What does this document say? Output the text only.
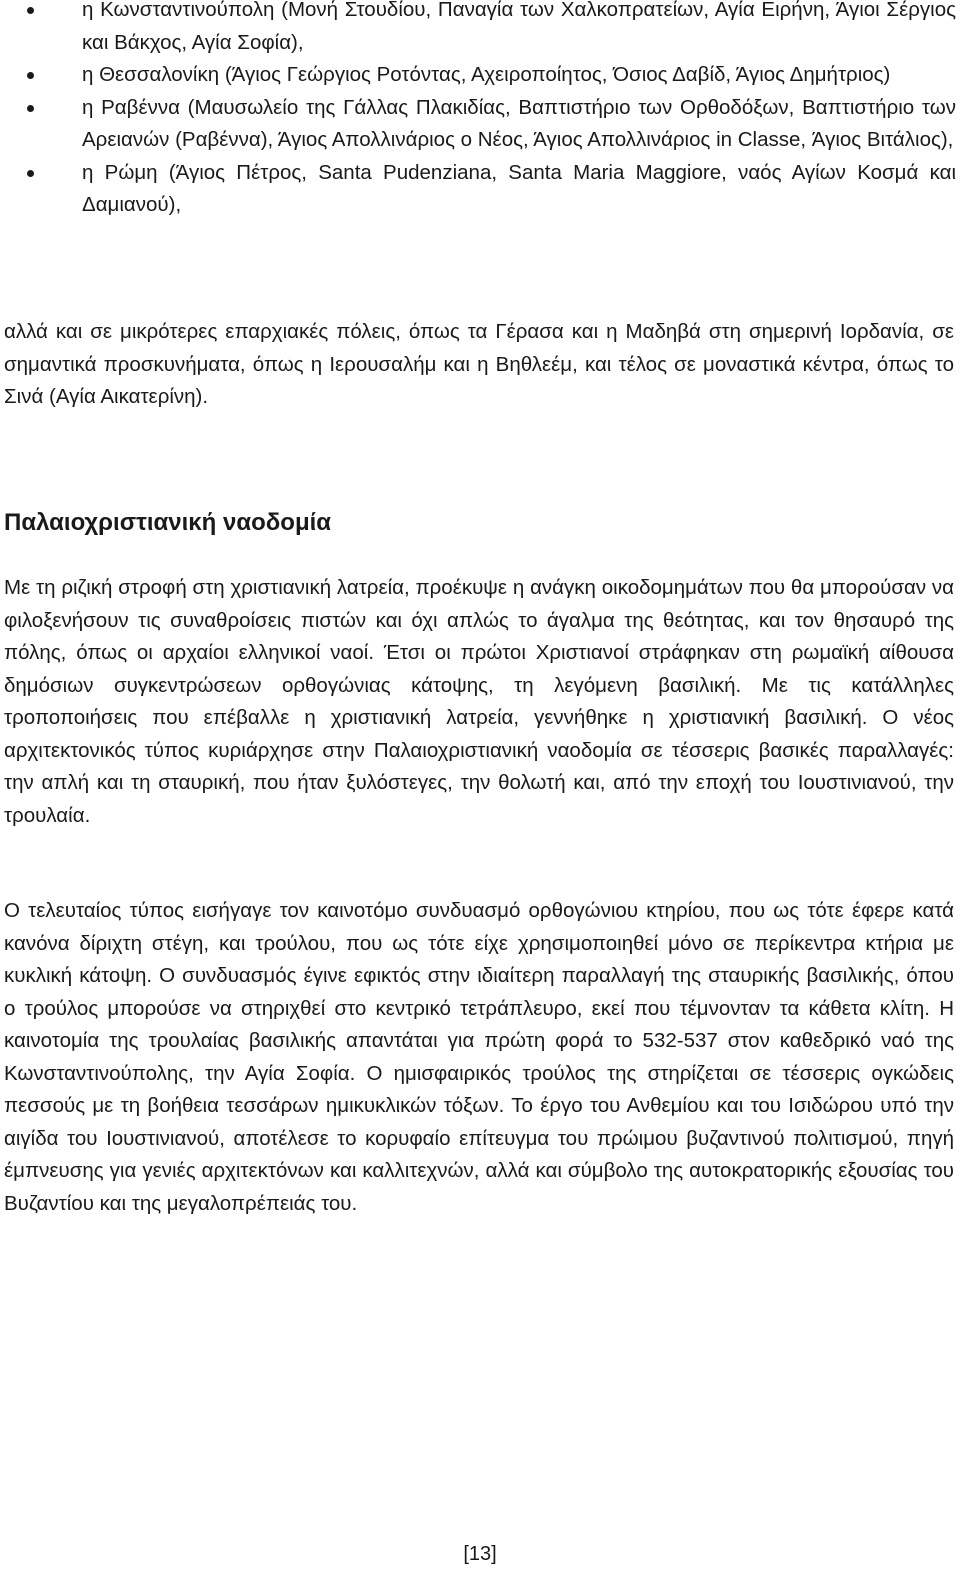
η Κωνσταντινούπολη (Μονή Στουδίου, Παναγία των Χαλκοπρατείων, Αγία Ειρήνη, Άγιοι Σέργιος και Βάκχος, Αγία Σοφία),
η Θεσσαλονίκη (Άγιος Γεώργιος Ροτόντας, Αχειροποίητος, Όσιος Δαβίδ, Άγιος Δημήτριος)
η Ραβέννα (Μαυσωλείο της Γάλλας Πλακιδίας, Βαπτιστήριο των Ορθοδόξων, Βαπτιστήριο των Αρειανών (Ραβέννα), Άγιος Απολλινάριος ο Νέος, Άγιος Απολλινάριος in Classe, Άγιος Βιτάλιος),
η Ρώμη (Άγιος Πέτρος, Santa Pudenziana, Santa Maria Maggiore, ναός Αγίων Κοσμά και Δαμιανού),

αλλά και σε μικρότερες επαρχιακές πόλεις, όπως τα Γέρασα και η Μαδηβά στη σημερινή Ιορδανία, σε σημαντικά προσκυνήματα, όπως η Ιερουσαλήμ και η Βηθλεέμ, και τέλος σε μοναστικά κέντρα, όπως το Σινά (Αγία Αικατερίνη).

Παλαιοχριστιανική ναοδομία

Με τη ριζική στροφή στη χριστιανική λατρεία, προέκυψε η ανάγκη οικοδομημάτων που θα μπορούσαν να φιλοξενήσουν τις συναθροίσεις πιστών και όχι απλώς το άγαλμα της θεότητας, και τον θησαυρό της πόλης, όπως οι αρχαίοι ελληνικοί ναοί. Έτσι οι πρώτοι Χριστιανοί στράφηκαν στη ρωμαϊκή αίθουσα δημόσιων συγκεντρώσεων ορθογώνιας κάτοψης, τη λεγόμενη βασιλική. Με τις κατάλληλες τροποποιήσεις που επέβαλλε η χριστιανική λατρεία, γεννήθηκε η χριστιανική βασιλική. Ο νέος αρχιτεκτονικός τύπος κυριάρχησε στην Παλαιοχριστιανική ναοδομία σε τέσσερις βασικές παραλλαγές: την απλή και τη σταυρική, που ήταν ξυλόστεγες, την θολωτή και, από την εποχή του Ιουστινιανού, την τρουλαία.

Ο τελευταίος τύπος εισήγαγε τον καινοτόμο συνδυασμό ορθογώνιου κτηρίου, που ως τότε έφερε κατά κανόνα δίριχτη στέγη, και τρούλου, που ως τότε είχε χρησιμοποιηθεί μόνο σε περίκεντρα κτήρια με κυκλική κάτοψη. Ο συνδυασμός έγινε εφικτός στην ιδιαίτερη παραλλαγή της σταυρικής βασιλικής, όπου ο τρούλος μπορούσε να στηριχθεί στο κεντρικό τετράπλευρο, εκεί που τέμνονταν τα κάθετα κλίτη. Η καινοτομία της τρουλαίας βασιλικής απαντάται για πρώτη φορά το 532-537 στον καθεδρικό ναό της Κωνσταντινούπολης, την Αγία Σοφία. Ο ημισφαιρικός τρούλος της στηρίζεται σε τέσσερις ογκώδεις πεσσούς με τη βοήθεια τεσσάρων ημικυκλικών τόξων. Το έργο του Ανθεμίου και του Ισιδώρου υπό την αιγίδα του Ιουστινιανού, αποτέλεσε το κορυφαίο επίτευγμα του πρώιμου βυζαντινού πολιτισμού, πηγή έμπνευσης για γενιές αρχιτεκτόνων και καλλιτεχνών, αλλά και σύμβολο της αυτοκρατορικής εξουσίας του Βυζαντίου και της μεγαλοπρέπειάς του.

[13]
